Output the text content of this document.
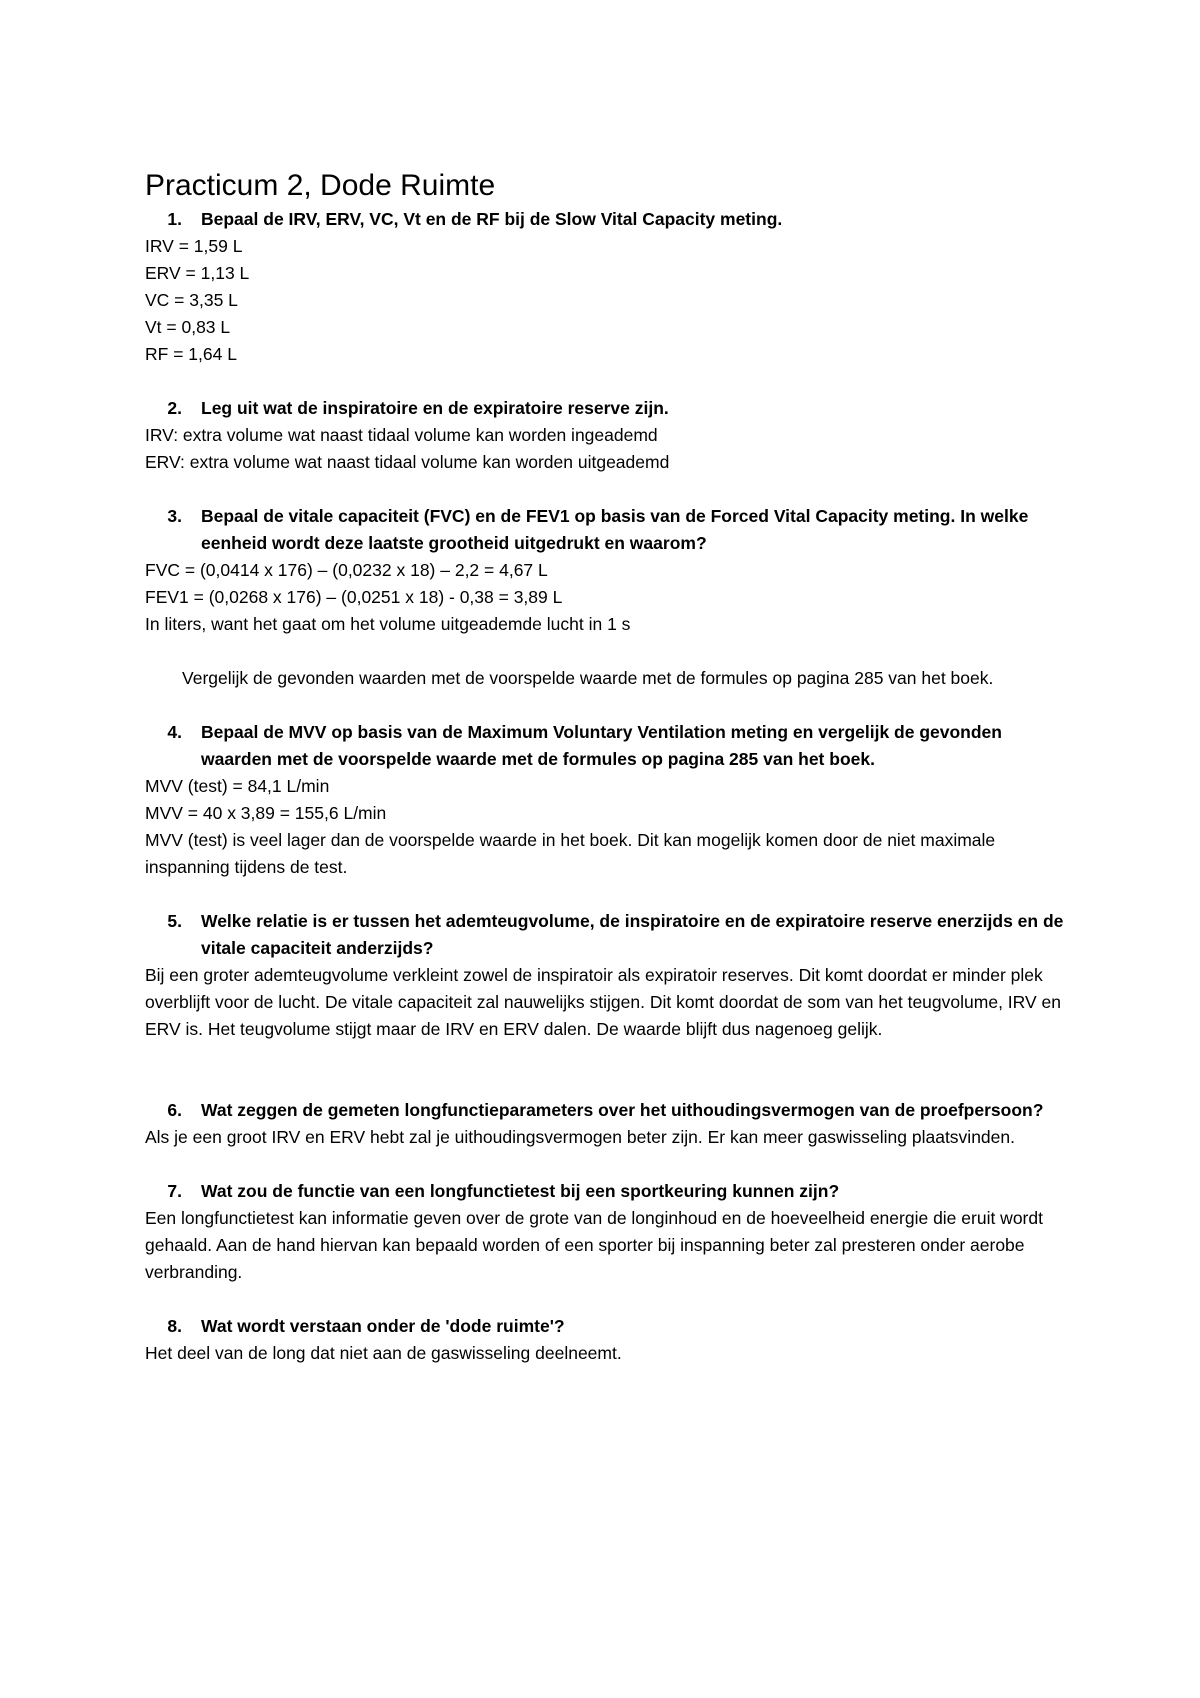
Practicum 2, Dode Ruimte
1.	Bepaal de IRV, ERV, VC, Vt en de RF bij de Slow Vital Capacity meting.
IRV = 1,59 L
ERV = 1,13 L
VC = 3,35 L
Vt = 0,83 L
RF = 1,64 L
2.	Leg uit wat de inspiratoire en de expiratoire reserve zijn.
IRV: extra volume wat naast tidaal volume kan worden ingeademd
ERV: extra volume wat naast tidaal volume kan worden uitgeademd
3.	Bepaal de vitale capaciteit (FVC) en de FEV1 op basis van de Forced Vital Capacity meting. In welke eenheid wordt deze laatste grootheid uitgedrukt en waarom?
FVC = (0,0414 x 176) – (0,0232 x 18) – 2,2 = 4,67 L
FEV1 = (0,0268 x 176) – (0,0251 x 18) - 0,38 = 3,89 L
In liters, want het gaat om het volume uitgeademde lucht in 1 s
Vergelijk de gevonden waarden met de voorspelde waarde met de formules op pagina 285 van het boek.
4.	Bepaal de MVV op basis van de Maximum Voluntary Ventilation meting en vergelijk de gevonden waarden met de voorspelde waarde met de formules op pagina 285 van het boek.
MVV (test) = 84,1 L/min
MVV = 40 x 3,89 = 155,6 L/min
MVV (test) is veel lager dan de voorspelde waarde in het boek. Dit kan mogelijk komen door de niet maximale inspanning tijdens de test.
5.	Welke relatie is er tussen het ademteugvolume, de inspiratoire en de expiratoire reserve enerzijds en de vitale capaciteit anderzijds?
Bij een groter ademteugvolume verkleint zowel de inspiratoir als expiratoir reserves. Dit komt doordat er minder plek overblijft voor de lucht. De vitale capaciteit zal nauwelijks stijgen. Dit komt doordat de som van het teugvolume, IRV en ERV is. Het teugvolume stijgt maar de IRV en ERV dalen. De waarde blijft dus nagenoeg gelijk.
6.	Wat zeggen de gemeten longfunctieparameters over het uithoudingsvermogen van de proefpersoon?
Als je een groot IRV en ERV hebt zal je uithoudingsvermogen beter zijn. Er kan meer gaswisseling plaatsvinden.
7.	Wat zou de functie van een longfunctietest bij een sportkeuring kunnen zijn?
Een longfunctietest kan informatie geven over de grote van de longinhoud en de hoeveelheid energie die eruit wordt gehaald. Aan de hand hiervan kan bepaald worden of een sporter bij inspanning beter zal presteren onder aerobe verbranding.
8.	Wat wordt verstaan onder de 'dode ruimte'?
Het deel van de long dat niet aan de gaswisseling deelneemt.
